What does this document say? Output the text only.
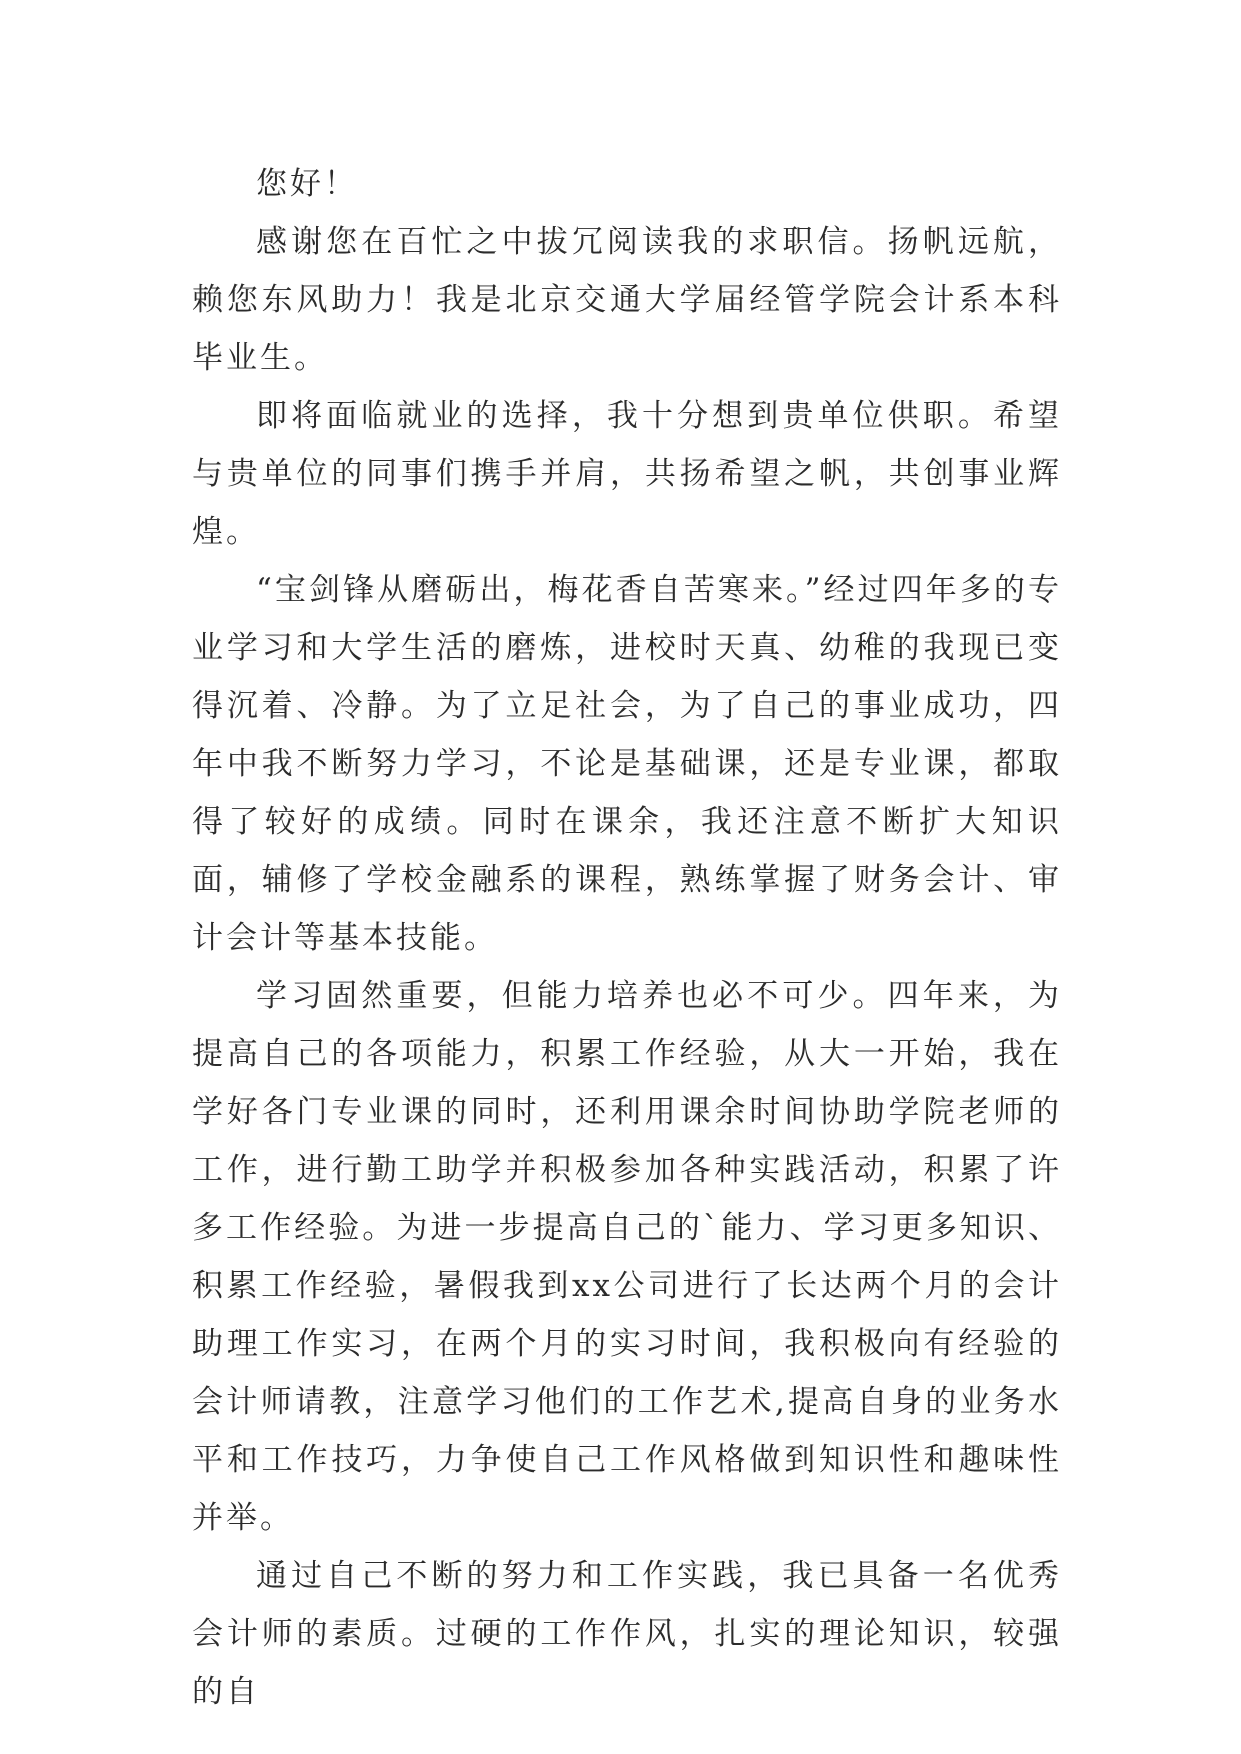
您好！

感谢您在百忙之中拔冗阅读我的求职信。扬帆远航，赖您东风助力！我是北京交通大学届经管学院会计系本科毕业生。

即将面临就业的选择，我十分想到贵单位供职。希望与贵单位的同事们携手并肩，共扬希望之帆，共创事业辉煌。

“宝剑锋从磨砺出，梅花香自苦寒来。”经过四年多的专业学习和大学生活的磨炼，进校时天真、幼稚的我现已变得沉着、冷静。为了立足社会，为了自己的事业成功，四年中我不断努力学习，不论是基础课，还是专业课，都取得了较好的成绩。同时在课余，我还注意不断扩大知识面，辅修了学校金融系的课程，熟练掌握了财务会计、审计会计等基本技能。

学习固然重要，但能力培养也必不可少。四年来，为提高自己的各项能力，积累工作经验，从大一开始，我在学好各门专业课的同时，还利用课余时间协助学院老师的工作，进行勤工助学并积极参加各种实践活动，积累了许多工作经验。为进一步提高自己的`能力、学习更多知识、积累工作经验，暑假我到xx公司进行了长达两个月的会计助理工作实习，在两个月的实习时间，我积极向有经验的会计师请教，注意学习他们的工作艺术,提高自身的业务水平和工作技巧，力争使自己工作风格做到知识性和趣味性并举。

通过自己不断的努力和工作实践，我已具备一名优秀会计师的素质。过硬的工作作风，扎实的理论知识，较强的自
